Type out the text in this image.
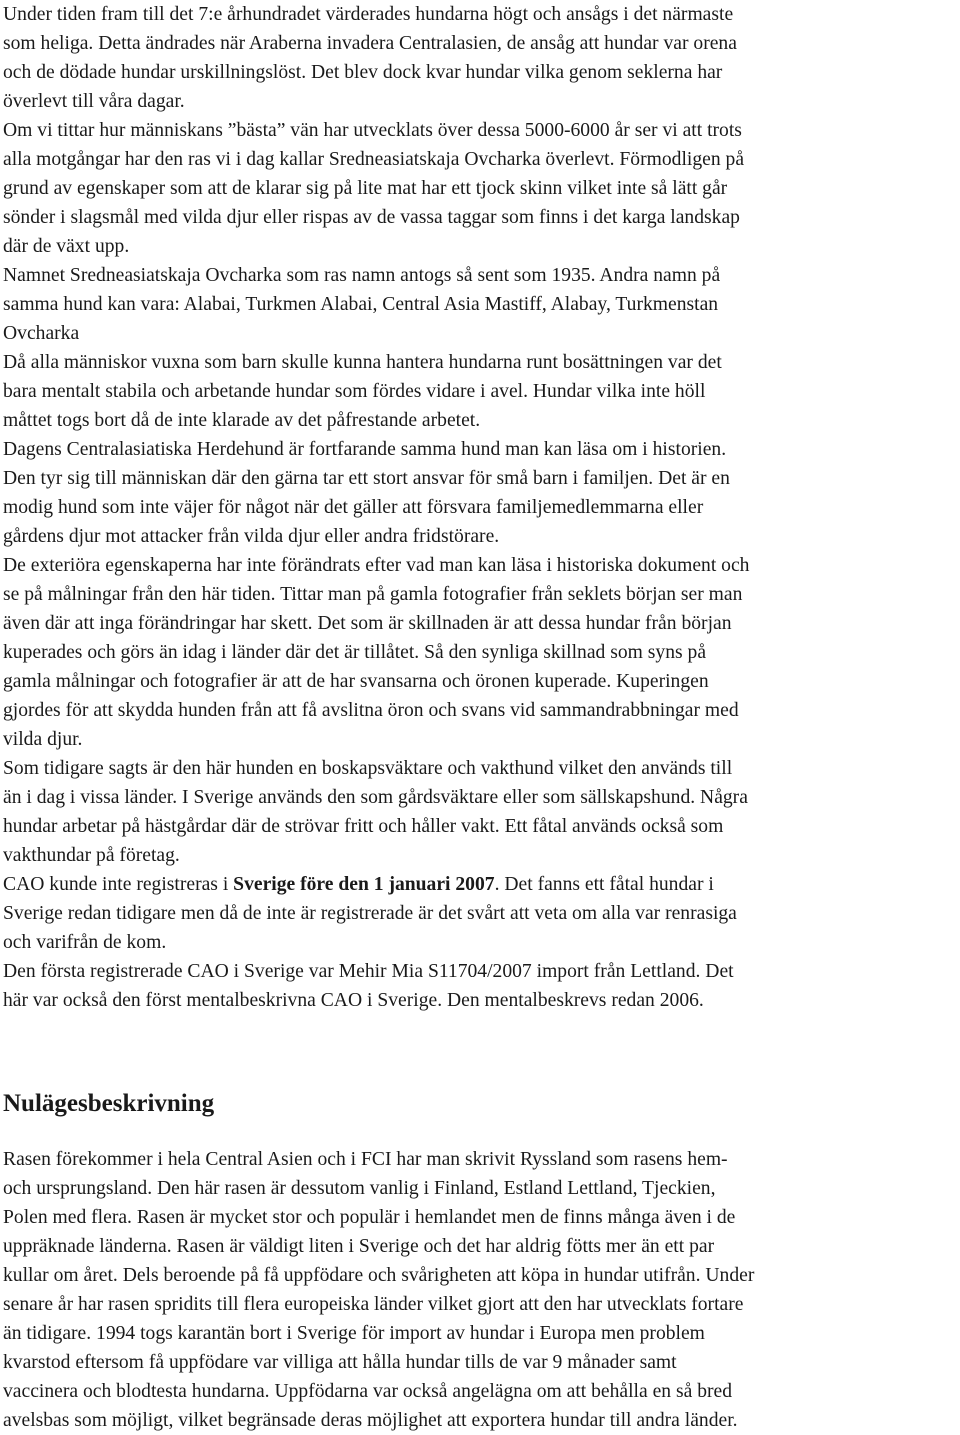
Under tiden fram till det 7:e århundradet värderades hundarna högt och ansågs i det närmaste
som heliga. Detta ändrades när Araberna invadera Centralasien, de ansåg att hundar var orena
och de dödade hundar urskillningslöst. Det blev dock kvar hundar vilka genom seklerna har
överlevt till våra dagar.
Om vi tittar hur människans ”bästa” vän har utvecklats över dessa 5000-6000 år ser vi att trots
alla motgångar har den ras vi i dag kallar Sredneasiatskaja Ovcharka överlevt. Förmodligen på
grund av egenskaper som att de klarar sig på lite mat har ett tjock skinn vilket inte så lätt går
sönder i slagsmål med vilda djur eller rispas av de vassa taggar som finns i det karga landskap
där de växt upp.
Namnet Sredneasiatskaja Ovcharka som ras namn antogs så sent som 1935. Andra namn på
samma hund kan vara: Alabai, Turkmen Alabai, Central Asia Mastiff, Alabay, Turkmenstan
Ovcharka
Då alla människor vuxna som barn skulle kunna hantera hundarna runt bosättningen var det
bara mentalt stabila och arbetande hundar som fördes vidare i avel. Hundar vilka inte höll
måttet togs bort då de inte klarade av det påfrestande arbetet.
Dagens Centralasiatiska Herdehund är fortfarande samma hund man kan läsa om i historien.
Den tyr sig till människan där den gärna tar ett stort ansvar för små barn i familjen. Det är en
modig hund som inte väjer för något när det gäller att försvara familjemedlemmarna eller
gårdens djur mot attacker från vilda djur eller andra fridstörare.
De exteriöra egenskaperna har inte förändrats efter vad man kan läsa i historiska dokument och
se på målningar från den här tiden. Tittar man på gamla fotografier från seklets början ser man
även där att inga förändringar har skett. Det som är skillnaden är att dessa hundar från början
kuperades och görs än idag i länder där det är tillåtet. Så den synliga skillnad som syns på
gamla målningar och fotografier är att de har svansarna och öronen kuperade. Kuperingen
gjordes för att skydda hunden från att få avslitna öron och svans vid sammandrabbningar med
vilda djur.
Som tidigare sagts är den här hunden en boskapsväktare och vakthund vilket den används till
än i dag i vissa länder. I Sverige används den som gårdsväktare eller som sällskapshund. Några
hundar arbetar på hästgårdar där de strövar fritt och håller vakt. Ett fåtal används också som
vakthundar på företag.
CAO kunde inte registreras i Sverige före den 1 januari 2007. Det fanns ett fåtal hundar i
Sverige redan tidigare men då de inte är registrerade är det svårt att veta om alla var renrasiga
och varifrån de kom.
Den första registrerade CAO i Sverige var Mehir Mia S11704/2007 import från Lettland. Det
här var också den först mentalbeskrivna CAO i Sverige. Den mentalbeskrevs redan 2006.
Nulägesbeskrivning
Rasen förekommer i hela Central Asien och i FCI har man skrivit Ryssland som rasens hem-
och ursprungsland. Den här rasen är dessutom vanlig i Finland, Estland Lettland, Tjeckien,
Polen med flera. Rasen är mycket stor och populär i hemlandet men de finns många även i de
uppräknade länderna. Rasen är väldigt liten i Sverige och det har aldrig fötts mer än ett par
kullar om året. Dels beroende på få uppfödare och svårigheten att köpa in hundar utifrån. Under
senare år har rasen spridits till flera europeiska länder vilket gjort att den har utvecklats fortare
än tidigare. 1994 togs karantän bort i Sverige för import av hundar i Europa men problem
kvarstod eftersom få uppfödare var villiga att hålla hundar tills de var 9 månader samt
vaccinera och blodtesta hundarna. Uppfödarna var också angelägna om att behålla en så bred
avelsbas som möjligt, vilket begränsade deras möjlighet att exportera hundar till andra länder.
